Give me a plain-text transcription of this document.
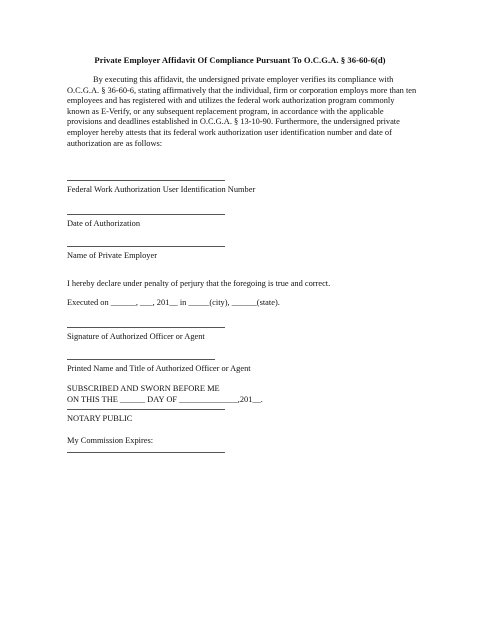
Private Employer Affidavit Of Compliance Pursuant To O.C.G.A. § 36-60-6(d)
By executing this affidavit, the undersigned private employer verifies its compliance with O.C.G.A. § 36-60-6, stating affirmatively that the individual, firm or corporation employs more than ten employees and has registered with and utilizes the federal work authorization program commonly known as E-Verify, or any subsequent replacement program, in accordance with the applicable provisions and deadlines established in O.C.G.A. § 13-10-90. Furthermore, the undersigned private employer hereby attests that its federal work authorization user identification number and date of authorization are as follows:
Federal Work Authorization User Identification Number
Date of Authorization
Name of Private Employer
I hereby declare under penalty of perjury that the foregoing is true and correct.
Executed on ______, ___, 201__ in _____(city), ______(state).
Signature of Authorized Officer or Agent
Printed Name and Title of Authorized Officer or Agent
SUBSCRIBED AND SWORN BEFORE ME
ON THIS THE ______ DAY OF ______________,201__.
NOTARY PUBLIC
My Commission Expires:
